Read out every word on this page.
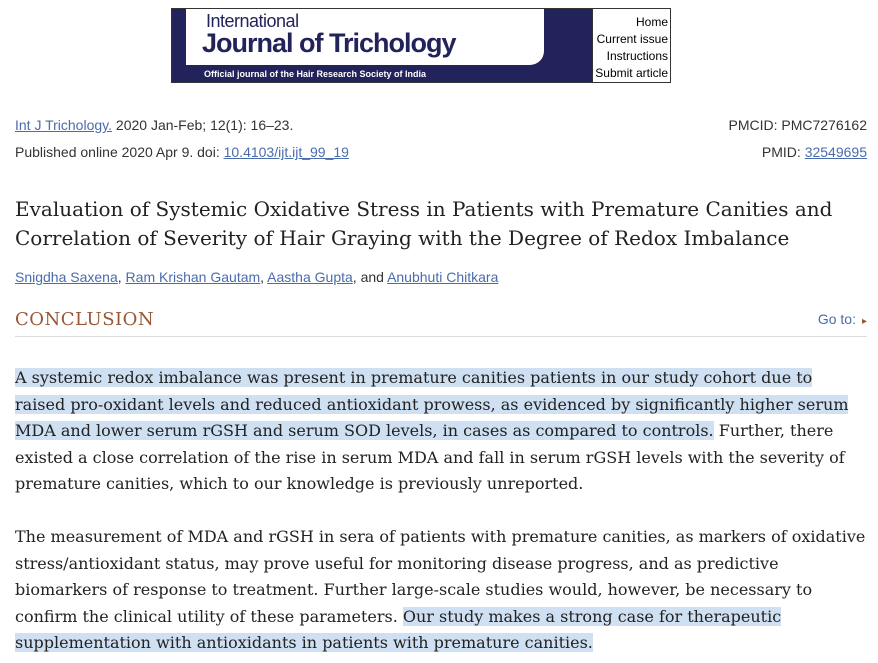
International
Journal of Trichology
Official journal of the Hair Research Society of India
Home
Current issue
Instructions
Submit article
Int J Trichology. 2020 Jan-Feb; 12(1): 16–23.	PMCID: PMC7276162
Published online 2020 Apr 9. doi: 10.4103/ijt.ijt_99_19	PMID: 32549695
Evaluation of Systemic Oxidative Stress in Patients with Premature Canities and
Correlation of Severity of Hair Graying with the Degree of Redox Imbalance
Snigdha Saxena, Ram Krishan Gautam, Aastha Gupta, and Anubhuti Chitkara
CONCLUSION	Go to: ▸
A systemic redox imbalance was present in premature canities patients in our study cohort due to raised pro-oxidant levels and reduced antioxidant prowess, as evidenced by significantly higher serum MDA and lower serum rGSH and serum SOD levels, in cases as compared to controls. Further, there existed a close correlation of the rise in serum MDA and fall in serum rGSH levels with the severity of premature canities, which to our knowledge is previously unreported.
The measurement of MDA and rGSH in sera of patients with premature canities, as markers of oxidative stress/antioxidant status, may prove useful for monitoring disease progress, and as predictive biomarkers of response to treatment. Further large-scale studies would, however, be necessary to confirm the clinical utility of these parameters. Our study makes a strong case for therapeutic supplementation with antioxidants in patients with premature canities.
